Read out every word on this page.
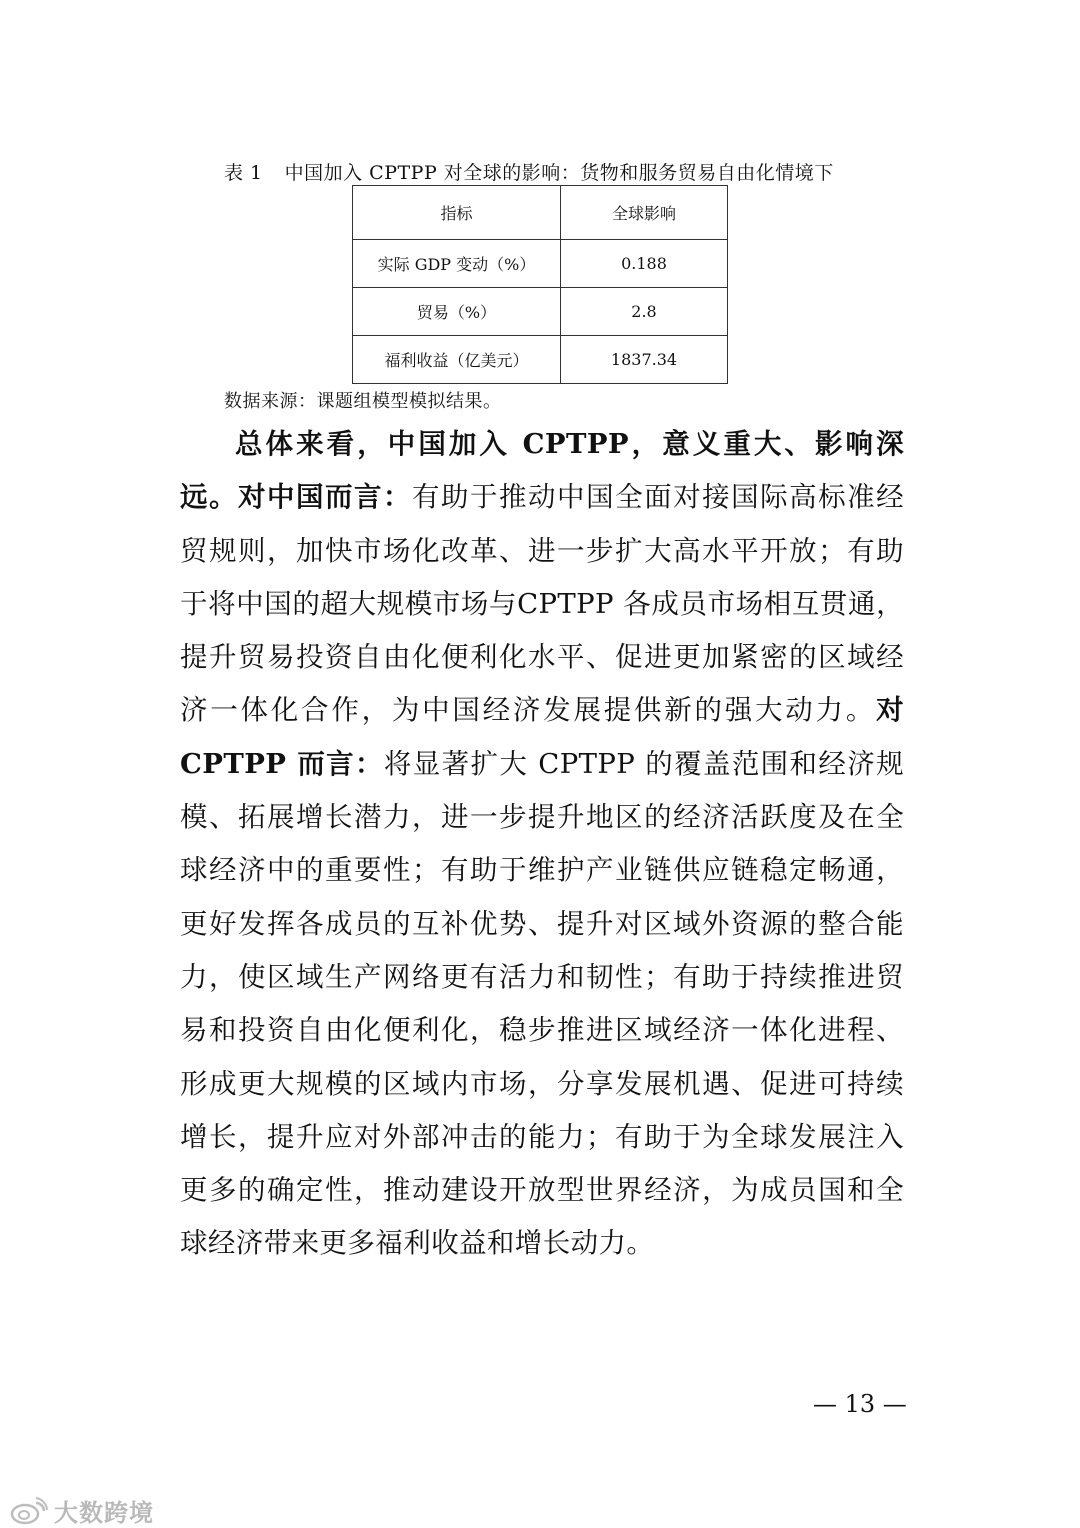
表 1 中国加入 CPTPP 对全球的影响：货物和服务贸易自由化情境下
指标	全球影响
实际 GDP 变动（%）	0.188
贸易（%）	2.8
福利收益（亿美元）	1837.34
数据来源：课题组模型模拟结果。

总体来看，中国加入 CPTPP，意义重大、影响深远。对中国而言：有助于推动中国全面对接国际高标准经贸规则，加快市场化改革、进一步扩大高水平开放；有助于将中国的超大规模市场与CPTPP 各成员市场相互贯通，提升贸易投资自由化便利化水平、促进更加紧密的区域经济一体化合作，为中国经济发展提供新的强大动力。对 CPTPP 而言：将显著扩大 CPTPP 的覆盖范围和经济规模、拓展增长潜力，进一步提升地区的经济活跃度及在全球经济中的重要性；有助于维护产业链供应链稳定畅通，更好发挥各成员的互补优势、提升对区域外资源的整合能力，使区域生产网络更有活力和韧性；有助于持续推进贸易和投资自由化便利化，稳步推进区域经济一体化进程、形成更大规模的区域内市场，分享发展机遇、促进可持续增长，提升应对外部冲击的能力；有助于为全球发展注入更多的确定性，推动建设开放型世界经济，为成员国和全球经济带来更多福利收益和增长动力。

— 13 —
大数跨境
